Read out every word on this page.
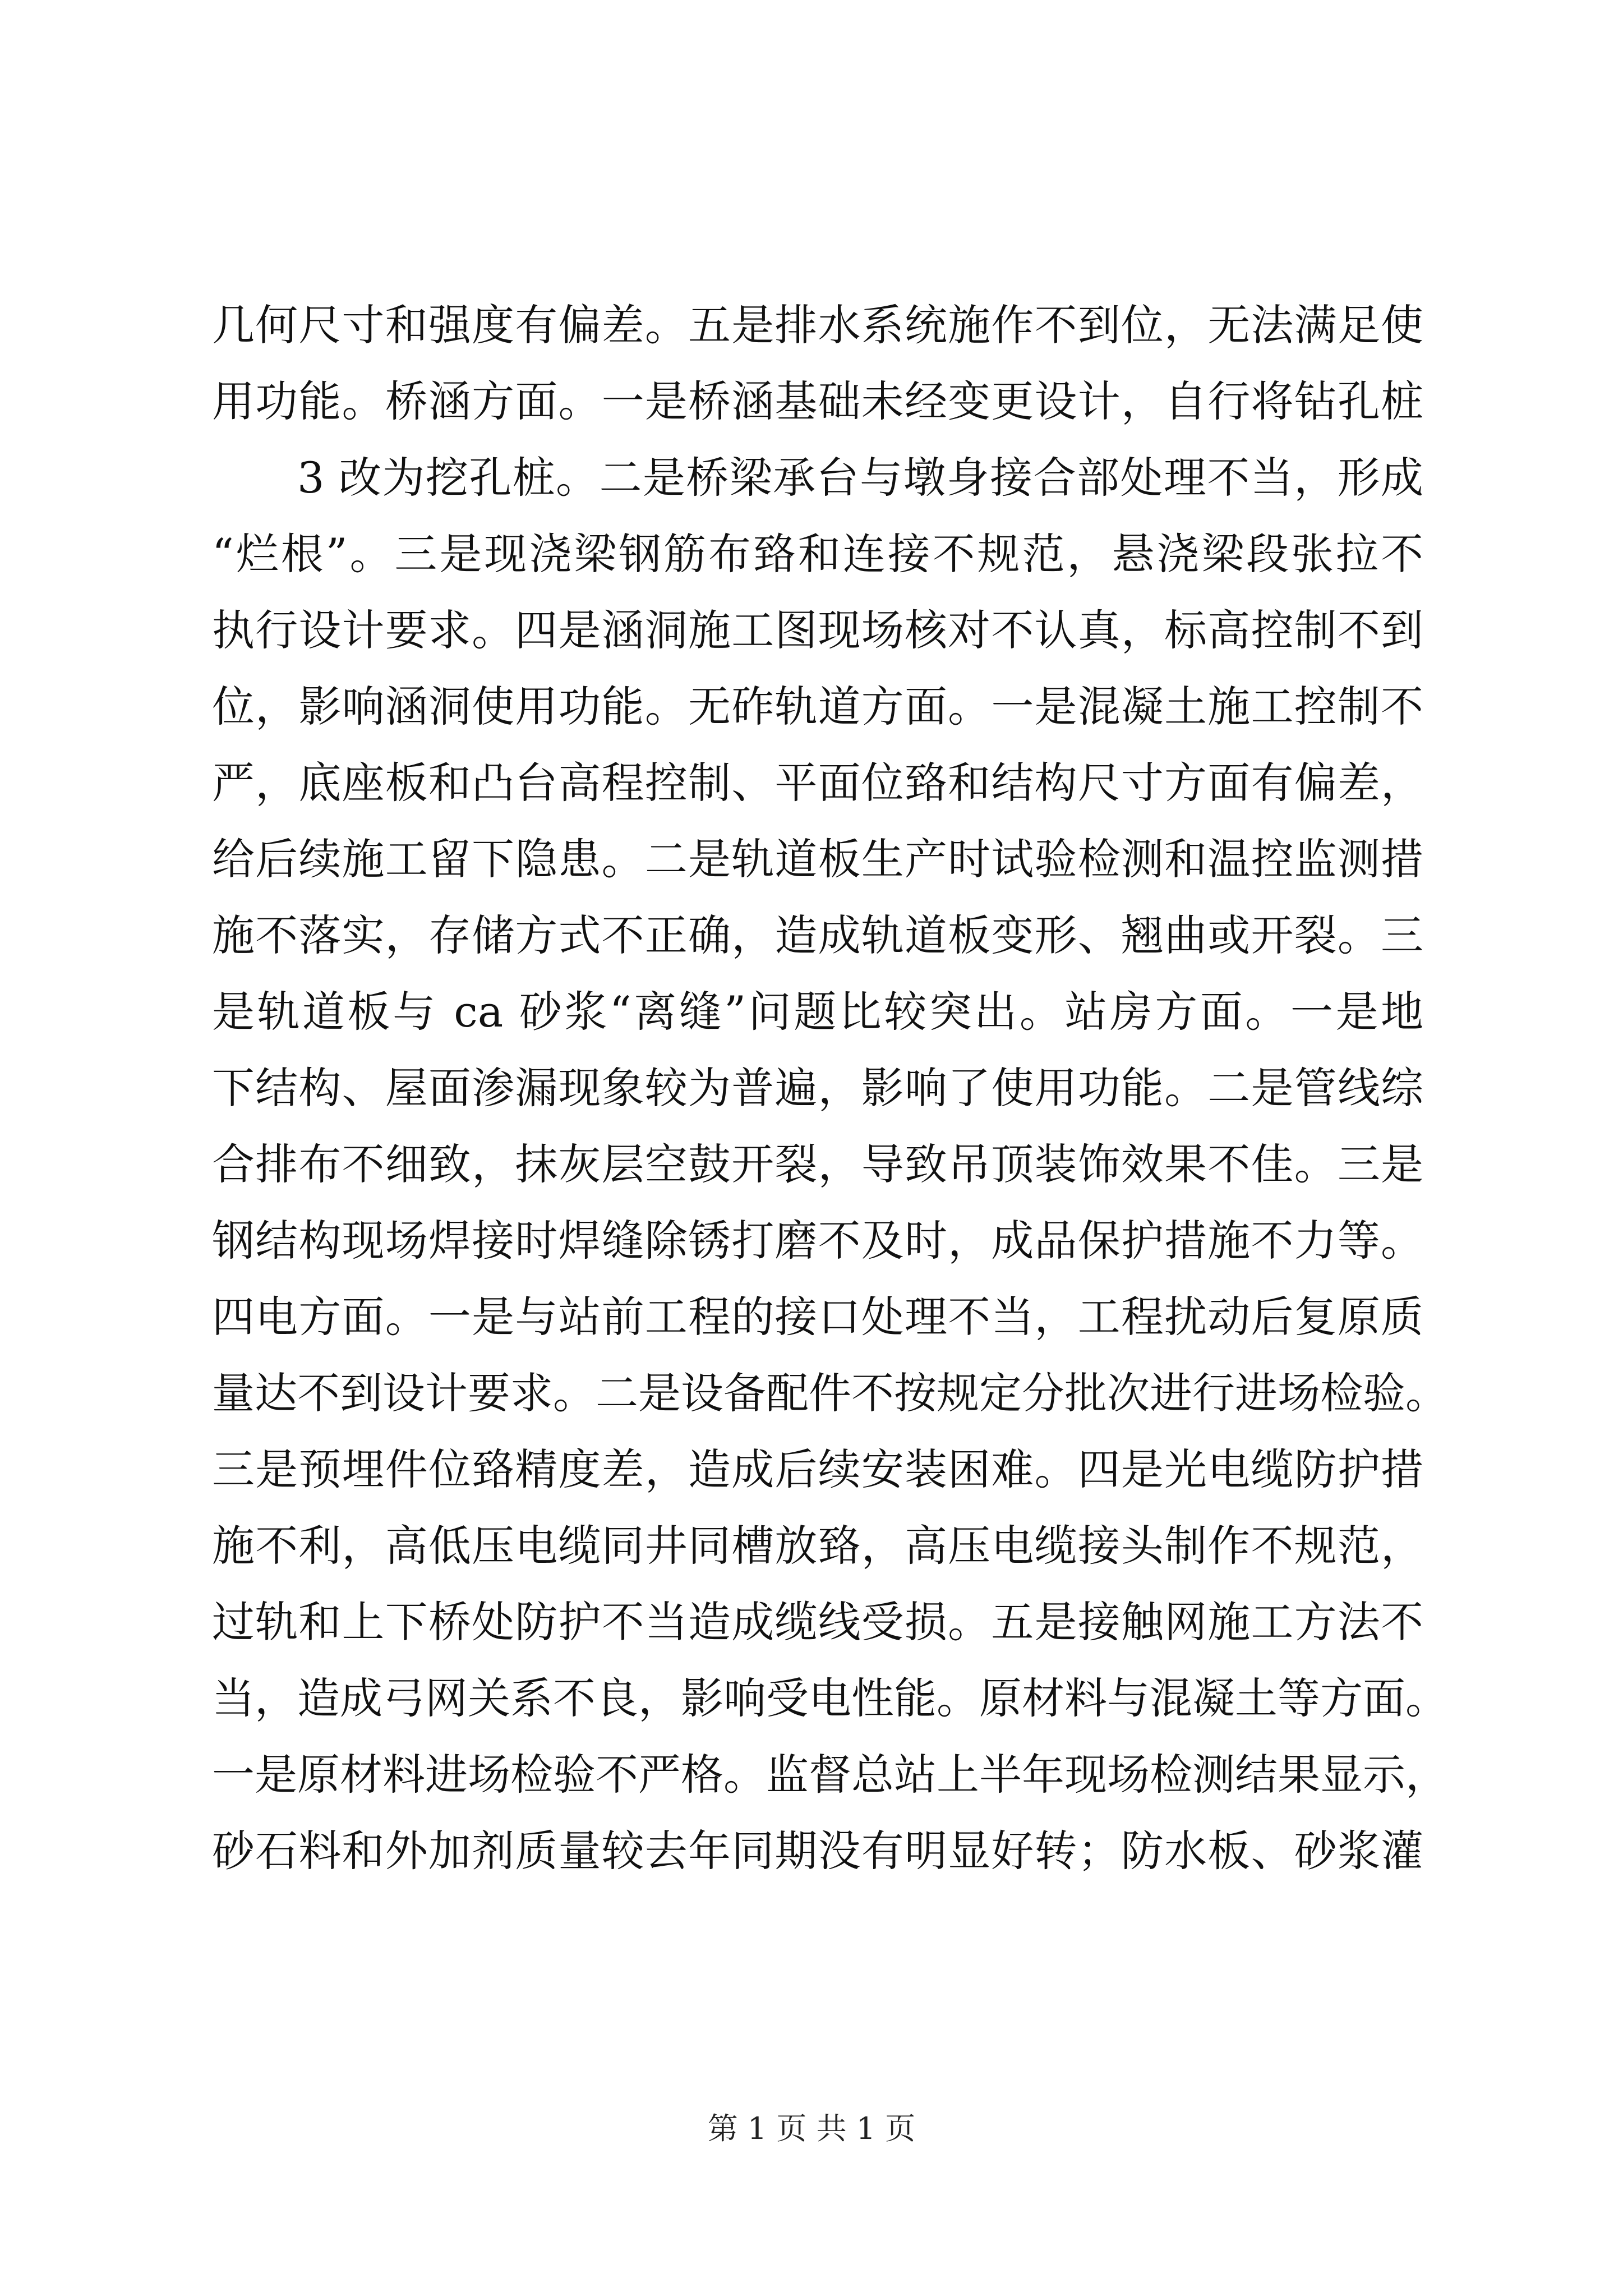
几何尺寸和强度有偏差。五是排水系统施作不到位，无法满足使
用功能。桥涵方面。一是桥涵基础未经变更设计，自行将钻孔桩
3 改为挖孔桩。二是桥梁承台与墩身接合部处理不当，形成
“烂根”。三是现浇梁钢筋布臵和连接不规范，悬浇梁段张拉不
执行设计要求。四是涵洞施工图现场核对不认真，标高控制不到
位，影响涵洞使用功能。无砟轨道方面。一是混凝土施工控制不
严，底座板和凸台高程控制、平面位臵和结构尺寸方面有偏差，
给后续施工留下隐患。二是轨道板生产时试验检测和温控监测措
施不落实，存储方式不正确，造成轨道板变形、翘曲或开裂。三
是轨道板与 ca 砂浆“离缝”问题比较突出。站房方面。一是地
下结构、屋面渗漏现象较为普遍，影响了使用功能。二是管线综
合排布不细致，抹灰层空鼓开裂，导致吊顶装饰效果不佳。三是
钢结构现场焊接时焊缝除锈打磨不及时，成品保护措施不力等。
四电方面。一是与站前工程的接口处理不当，工程扰动后复原质
量达不到设计要求。二是设备配件不按规定分批次进行进场检验。
三是预埋件位臵精度差，造成后续安装困难。四是光电缆防护措
施不利，高低压电缆同井同槽放臵，高压电缆接头制作不规范，
过轨和上下桥处防护不当造成缆线受损。五是接触网施工方法不
当，造成弓网关系不良，影响受电性能。原材料与混凝土等方面。
一是原材料进场检验不严格。监督总站上半年现场检测结果显示，
砂石料和外加剂质量较去年同期没有明显好转；防水板、砂浆灌
第 1 页 共 1 页
